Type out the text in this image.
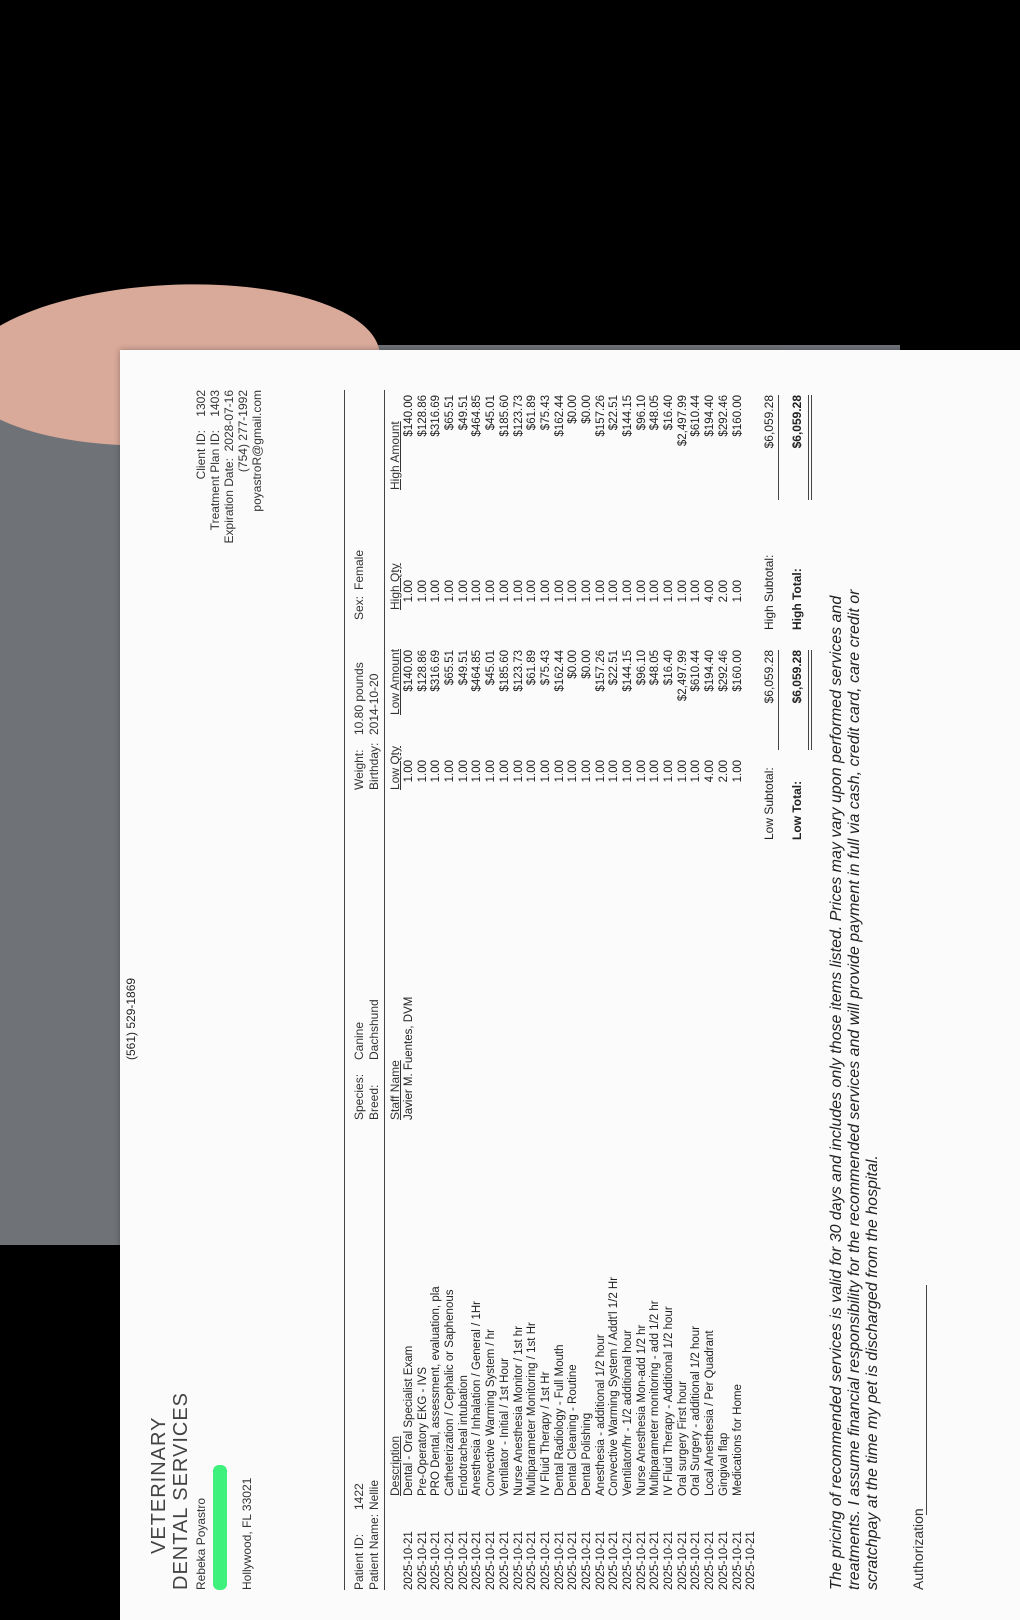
(561) 529-1869
VETERINARY DENTAL SERVICES Rebeka Poyastro	Hollywood, FL 33021
Client ID:    1302
Treatment Plan ID:    1403
Expiration Date:  2028-07-16 (754) 277-1992 poyastroR@gmail.com
Patient ID:
1422
Patient Name:
Nellie
Species:
Canine
Breed:
Dachshund
Weight:
10.80 pounds
Birthday:
2014-10-20
Sex:
Female
Description
Staff Name
Low Qty
Low Amount
High Qty
High Amount
2025-10-21 2025-10-21 2025-10-21 2025-10-21 2025-10-21 2025-10-21 2025-10-21 2025-10-21 2025-10-21 2025-10-21 2025-10-21 2025-10-21 2025-10-21 2025-10-21 2025-10-21 2025-10-21 2025-10-21 2025-10-21 2025-10-21 2025-10-21 2025-10-21 2025-10-21 2025-10-21 2025-10-21 2025-10-21 2025-10-21
Dental - Oral Specialist Exam Pre-Operatory EKG - IVS PRO Dental, assessment, evaluation, pla Catheterization / Cephalic or Saphenous Endotracheal intubation Anesthesia / Inhalation / General / 1Hr Convective Warming System / hr Ventilator - Initial / 1st Hour Nurse Anesthesia Monitor / 1st hr Multiparameter Monitoring / 1st Hr IV Fluid Therapy / 1st Hr Dental Radiology - Full Mouth Dental Cleaning - Routine Dental Polishing Anesthesia - additional 1/2 hour Convective Warming System / Addt'l 1/2 Hr Ventilator/hr - 1/2 additional hour Nurse Anesthesia Mon-add 1/2 hr Multiparameter monitoring - add 1/2 hr IV Fluid Therapy - Additional 1/2 hour Oral surgery First hour Oral Surgery - additional 1/2 hour Local Anesthesia / Per Quadrant Gingival flap Medications for Home
Javier M. Fuentes, DVM
1.00 1.00 1.00 1.00 1.00 1.00 1.00 1.00 1.00 1.00 1.00 1.00 1.00 1.00 1.00 1.00 1.00 1.00 1.00 1.00 1.00 1.00 4.00 2.00 1.00
$140.00 $128.86 $316.69 $65.51 $49.51 $464.85 $45.01 $185.60 $123.73 $61.89 $75.43 $162.44 $0.00 $0.00 $157.26 $22.51 $144.15 $96.10 $48.05 $16.40 $2,497.99 $610.44 $194.40 $292.46 $160.00
1.00 1.00 1.00 1.00 1.00 1.00 1.00 1.00 1.00 1.00 1.00 1.00 1.00 1.00 1.00 1.00 1.00 1.00 1.00 1.00 1.00 1.00 4.00 2.00 1.00
$140.00 $128.86 $316.69 $65.51 $49.51 $464.85 $45.01 $185.60 $123.73 $61.89 $75.43 $162.44 $0.00 $0.00 $157.26 $22.51 $144.15 $96.10 $48.05 $16.40 $2,497.99 $610.44 $194.40 $292.46 $160.00
Low Subtotal:
$6,059.28
High Subtotal:
$6,059.28
Low Total:
$6,059.28
High Total:
$6,059.28
The pricing of recommended services is valid for 30 days and includes only those items listed. Prices may vary upon performed services and treatments. I assume financial responsibility for the recommended services and will provide payment in full via cash, credit card, care credit or scratchpay at the time my pet is discharged from the hospital. Authorization
